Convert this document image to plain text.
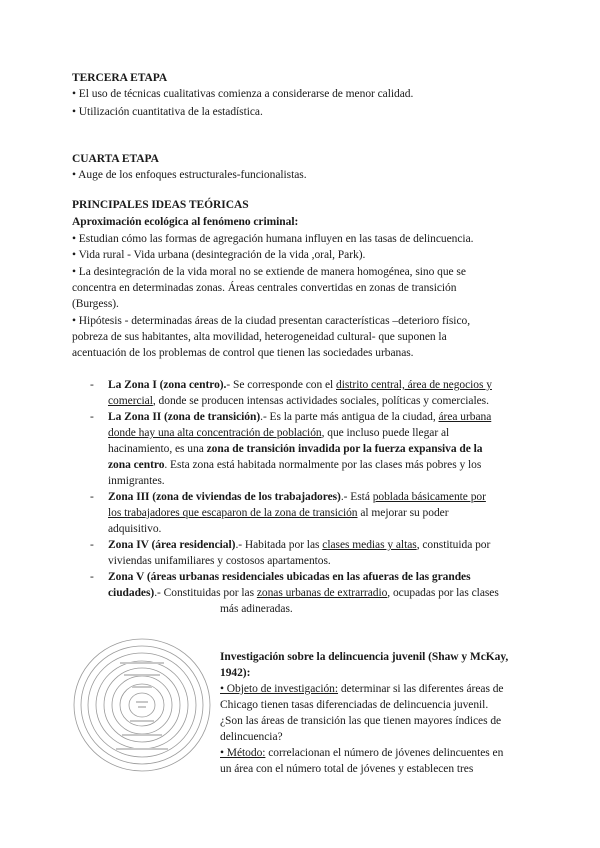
TERCERA ETAPA
• El uso de técnicas cualitativas comienza a considerarse de menor calidad.
• Utilización cuantitativa de la estadística.
CUARTA ETAPA
• Auge de los enfoques estructurales-funcionalistas.
PRINCIPALES IDEAS TEÓRICAS
Aproximación ecológica al fenómeno criminal:
• Estudian cómo las formas de agregación humana influyen en las tasas de delincuencia.
• Vida rural - Vida urbana (desintegración de la vida ,oral, Park).
• La desintegración de la vida moral no se extiende de manera homogénea, sino que se
concentra en determinadas zonas. Áreas centrales convertidas en zonas de transición
(Burgess).
• Hipótesis - determinadas áreas de la ciudad presentan características –deterioro físico,
pobreza de sus habitantes, alta movilidad, heterogeneidad cultural- que suponen la
acentuación de los problemas de control que tienen las sociedades urbanas.
- La Zona I (zona centro).- Se corresponde con el distrito central, área de negocios y
comercial, donde se producen intensas actividades sociales, políticas y comerciales.
- La Zona II (zona de transición).- Es la parte más antigua de la ciudad, área urbana
donde hay una alta concentración de población, que incluso puede llegar al
hacinamiento, es una zona de transición invadida por la fuerza expansiva de la
zona centro. Esta zona está habitada normalmente por las clases más pobres y los
inmigrantes.
- Zona III (zona de viviendas de los trabajadores).- Está poblada básicamente por
los trabajadores que escaparon de la zona de transición al mejorar su poder
adquisitivo.
- Zona IV (área residencial).- Habitada por las clases medias y altas, constituida por
viviendas unifamiliares y costosos apartamentos.
- Zona V (áreas urbanas residenciales ubicadas en las afueras de las grandes
ciudades).- Constituidas por las zonas urbanas de extrarradio, ocupadas por las clases
más adineradas.
Investigación sobre la delincuencia juvenil (Shaw y McKay,
1942):
• Objeto de investigación: determinar si las diferentes áreas de
Chicago tienen tasas diferenciadas de delincuencia juvenil.
¿Son las áreas de transición las que tienen mayores índices de
delincuencia?
• Método: correlacionan el número de jóvenes delincuentes en
un área con el número total de jóvenes y establecen tres
